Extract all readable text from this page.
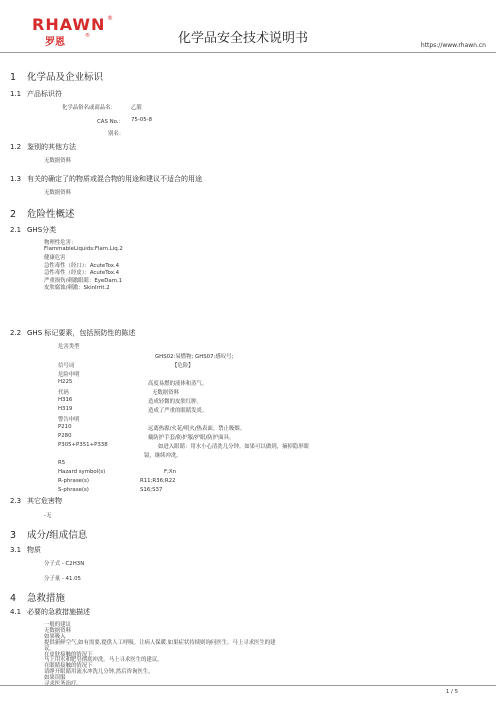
RHAWN ®
罗恩
®	化学品安全技术说明书	https://www.rhawn.cn
1 化学品及企业标识
1.1 产品标识符
化学品俗名或商品名：	乙腈
CAS No.： 75-05-8
别名：
1.2 鉴别的其他方法
无数据资料
1.3 有关的确定了的物质或混合物的用途和建议不适合的用途
无数据资料
2 危险性概述
2.1 GHS分类
物理性危害：
FlammableLiquids:Flam.Liq.2
健康危害
急性毒性（经口）：AcuteTox.4
急性毒性（经皮）：AcuteTox.4
严重损伤/刺激眼睛：EyeDam.1
皮肤腐蚀/刺激：SkinIrrit.2
2.2 GHS 标记要素，包括预防性的陈述
危害类型
GHS02:易燃物; GHS07:感叹号;
信号词	【危险】
危险申明
H225	高度易燃的液体和蒸气。
代码	无数据资料
H316	造成轻微的皮肤红肿。
H319	造成了严重的眼睛发炎。
警告申明
P210	远离热源/火花/明火/热表面。禁止吸烟。
P280	戴防护手套/防护服/护眼/防护面具。
P305+P351+P338	如进入眼睛：用水小心清洗几分钟。如果可以做到，摘掉隐形眼
镜，继续冲洗。
R5
Hazard symbol(s)	F;Xn
R-phrase(s)	R11;R36;R22
S-phrase(s)	S16;S37
2.3 其它危害物
-无
3 成分/组成信息
3.1 物质
分子式 - C2H3N
分子量 - 41.05
4 急救措施
4.1 必要的急救措施描述
一般的建议
无数据资料
如果吸入
提供新鲜空气,如有需要,提供人工呼吸。让病人保暖.如果症状持续则询问医生。马上寻求医生的建
议。
在皮肤接触的情况下
马上用水和肥皂彻底冲洗。马上寻求医生的建议。
在眼睛接触的情况下
请睁开眼睛用流水冲洗几分钟,然后咨询医生。
如果误服
寻求医务治疗。
1 / 5
